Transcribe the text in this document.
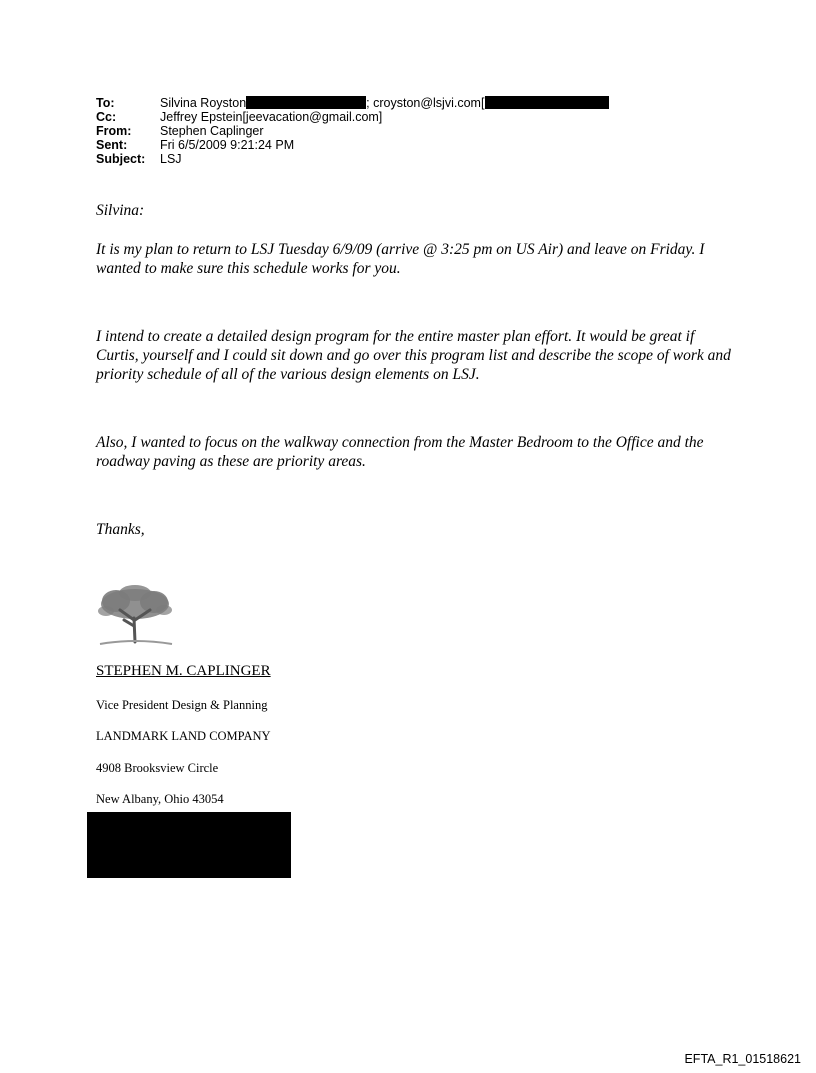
To:	Silvina Royston	; croyston@lsjvi.com[
Cc:	Jeffrey Epstein[jeevacation@gmail.com]
From:	Stephen Caplinger
Sent:	Fri 6/5/2009 9:21:24 PM
Subject:	LSJ
Silvina:
It is my plan to return to LSJ Tuesday 6/9/09 (arrive @ 3:25 pm on US Air) and leave on Friday. I wanted to make sure this schedule works for you.
I intend to create a detailed design program for the entire master plan effort. It would be great if Curtis, yourself and I could sit down and go over this program list and describe the scope of work and priority schedule of all of the various design elements on LSJ.
Also, I wanted to focus on the walkway connection from the Master Bedroom to the Office and the roadway paving as these are priority areas.
Thanks,
STEPHEN M. CAPLINGER
Vice President Design & Planning
LANDMARK LAND COMPANY
4908 Brooksview Circle
New Albany, Ohio 43054
EFTA_R1_01518621
